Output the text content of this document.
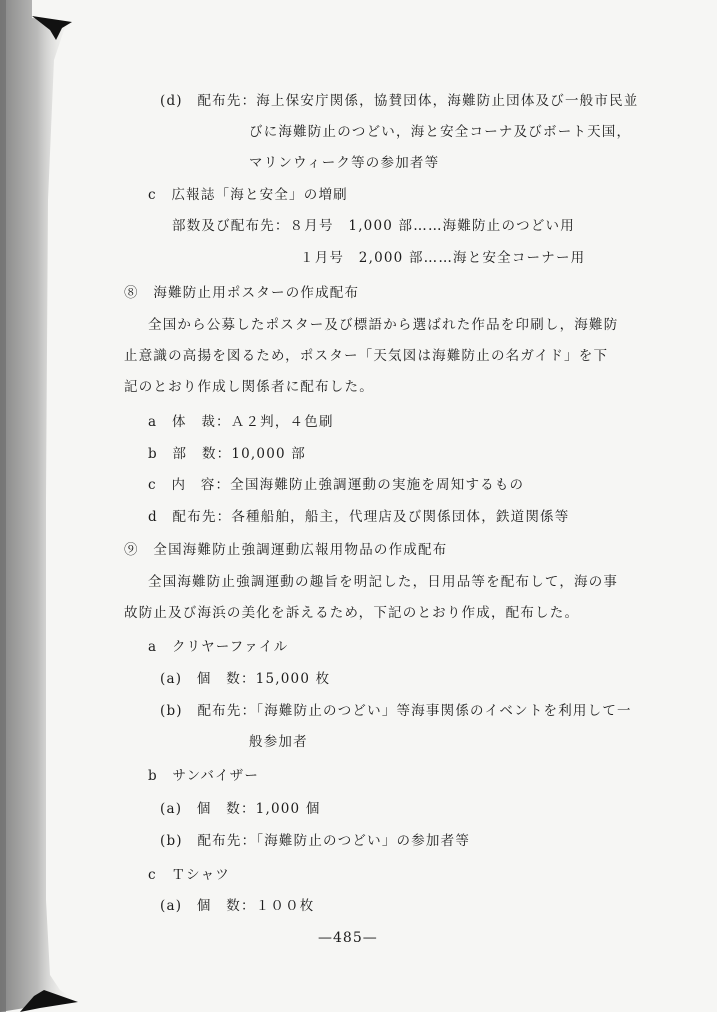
(d)　配布先：海上保安庁関係，協賛団体，海難防止団体及び一般市民並
びに海難防止のつどい，海と安全コーナ及びボート天国，
マリンウィーク等の参加者等
c　広報誌「海と安全」の増刷
部数及び配布先：８月号　1,000 部……海難防止のつどい用
１月号　2,000 部……海と安全コーナー用
⑧　海難防止用ポスターの作成配布
全国から公募したポスター及び標語から選ばれた作品を印刷し，海難防
止意識の高揚を図るため，ポスター「天気図は海難防止の名ガイド」を下
記のとおり作成し関係者に配布した。
a　体　裁：Ａ２判，４色刷
b　部　数：10,000 部
c　内　容：全国海難防止強調運動の実施を周知するもの
d　配布先：各種船舶，船主，代理店及び関係団体，鉄道関係等
⑨　全国海難防止強調運動広報用物品の作成配布
全国海難防止強調運動の趣旨を明記した，日用品等を配布して，海の事
故防止及び海浜の美化を訴えるため，下記のとおり作成，配布した。
a　クリヤーファイル
(a)　個　数：15,000 枚
(b)　配布先：「海難防止のつどい」等海事関係のイベントを利用して一
般参加者
b　サンバイザー
(a)　個　数：1,000 個
(b)　配布先：「海難防止のつどい」の参加者等
c　Ｔシャツ
(a)　個　数：１００枚
—485—
